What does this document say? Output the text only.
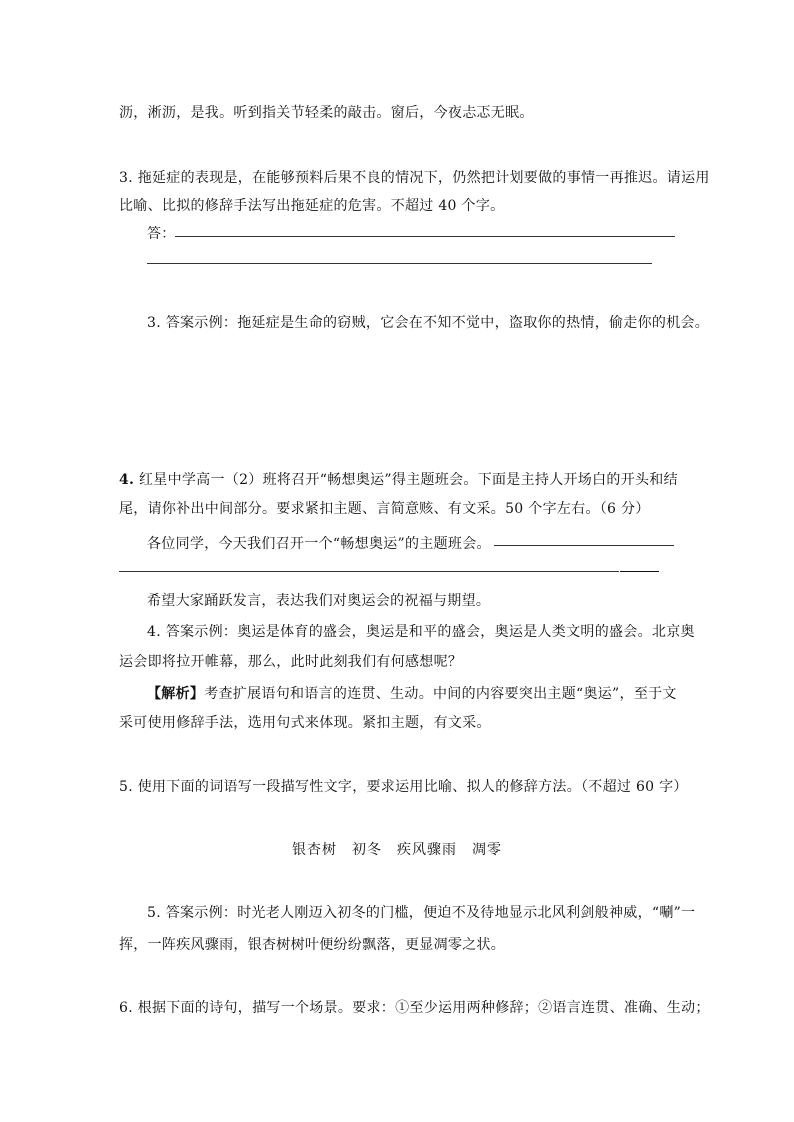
沥，淅沥，是我。听到指关节轻柔的敲击。窗后，今夜忐忑无眠。
3. 拖延症的表现是，在能够预料后果不良的情况下，仍然把计划要做的事情一再推迟。请运用
比喻、比拟的修辞手法写出拖延症的危害。不超过 40 个字。
答：
3. 答案示例：拖延症是生命的窃贼，它会在不知不觉中，盗取你的热情，偷走你的机会。
4. 红星中学高一（2）班将召开“畅想奥运”得主题班会。下面是主持人开场白的开头和结
尾，请你补出中间部分。要求紧扣主题、言简意赅、有文采。50 个字左右。（6 分）
各位同学，今天我们召开一个“畅想奥运”的主题班会。
希望大家踊跃发言，表达我们对奥运会的祝福与期望。
4. 答案示例：奥运是体育的盛会，奥运是和平的盛会，奥运是人类文明的盛会。北京奥
运会即将拉开帷幕，那么，此时此刻我们有何感想呢？
【解析】考查扩展语句和语言的连贯、生动。中间的内容要突出主题“奥运”，至于文
采可使用修辞手法，选用句式来体现。紧扣主题，有文采。
5. 使用下面的词语写一段描写性文字，要求运用比喻、拟人的修辞方法。（不超过 60 字）
银杏树　初冬　疾风骤雨　凋零
5. 答案示例：时光老人刚迈入初冬的门槛，便迫不及待地显示北风利剑般神威，“唰”一
挥，一阵疾风骤雨，银杏树树叶便纷纷飘落，更显凋零之状。
6. 根据下面的诗句，描写一个场景。要求：①至少运用两种修辞；②语言连贯、准确、生动；
